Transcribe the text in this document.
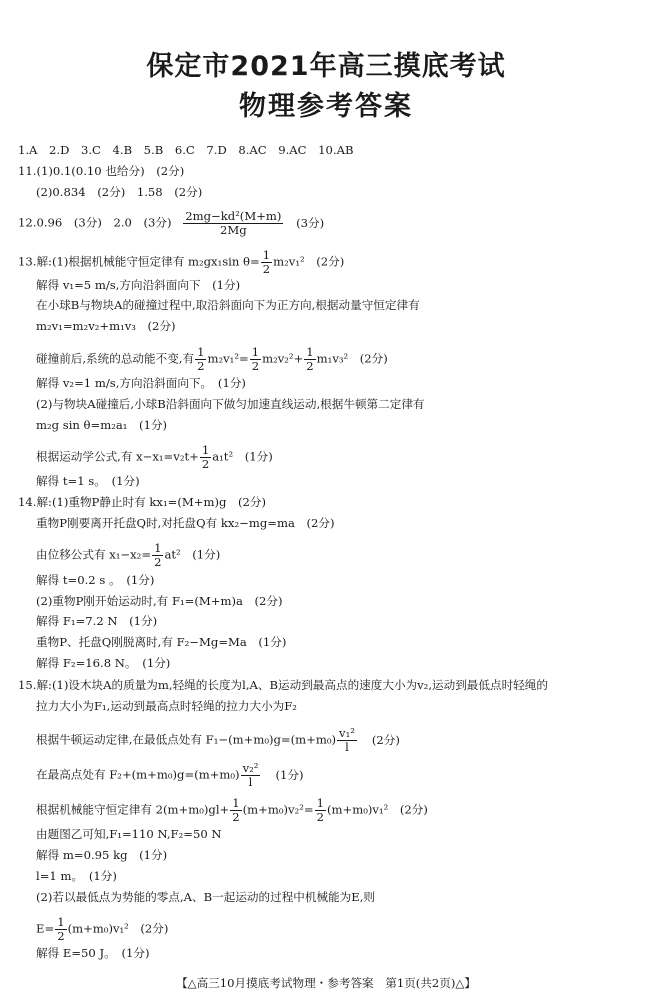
保定市2021年高三摸底考试
物理参考答案
1.A　2.D　3.C　4.B　5.B　6.C　7.D　8.AC　9.AC　10.AB
11.(1)0.1(0.10 也给分)　(2分)
(2)0.834　(2分)　1.58　(2分)
12.0.96　(3分)　2.0　(3分) $\frac{\text{2mg−kd²(M+m)}}{2Mg} (3$分)
13.解:(1)根据机械能守恒定律有 m₂gx₁sin $\theta= \frac{1}{2} m_2v_1^2$　(2分)
解得 v₁=5 m/s,方向沿斜面向下　(1分)
在小球B与物块A的碰撞过程中,取沿斜面向下为正方向,根据动量守恒定律有
m₂v₁=m₂v₂+m₁v₃　(2分)
碰撞前后,系统的总动能不变,有 $\frac{1}{2} m_2v_1^2= \frac{1}{2} m_2v_2^2+ \frac{1}{2} m_1v_3^2$　(2分)
解得 v₂=1 m/s,方向沿斜面向下。　(1分)
(2)与物块A碰撞后,小球B沿斜面向下做匀加速直线运动,根据牛顿第二定律有
m₂g sin θ=m₂a₁　(1分)
根据运动学公式,有 $x-x_1=v_2t+ \frac{1}{2} a_1t^2$　(1分)
解得 t=1 s。　(1分)
14.解:(1)重物P静止时有 kx₁=(M+m)g　(2分)
重物P刚要离开托盘Q时,对托盘Q有 kx₂−mg=ma　(2分)
由位移公式有 $x_1-x_2= \frac{1}{2} at^2$　(1分)
解得 t=0.2 s 。　(1分)
(2)重物P刚开始运动时,有 F₁=(M+m)a　(2分)
解得 F₁=7.2 N　(1分)
重物P、托盘Q刚脱离时,有 F₂−Mg=Ma　(1分)
解得 F₂=16.8 N。　(1分)
15.解:(1)设木块A的质量为m,轻绳的长度为l,A、B运动到最高点的速度大小为v₂,运动到最低点时轻绳的
拉力大小为F₁,运动到最高点时轻绳的拉力大小为F₂
根据牛顿运动定律,在最低点处有 $F_1-(m+m_0)g=(m+m_0) \frac{\text{v₁²}}{l} (2$分)
在最高点处有 $F_2+(m+m_0)g=(m+m_0) \frac{\text{v₂²}}{l} (1$分)
根据机械能守恒定律有 $2(m+m_0)gl+ \frac{1}{2} (m+m_0)v_2^2= \frac{1}{2} (m+m_0)v_1^2$　(2分)
由题图乙可知,F₁=110 N,F₂=50 N
解得 m=0.95 kg　(1分)
l=1 m。　(1分)
(2)若以最低点为势能的零点,A、B一起运动的过程中机械能为E,则
$E= \frac{1}{2} (m+m_0)v_1^2$　(2分)
解得 E=50 J。　(1分)
【△高三10月摸底考试物理・参考答案　第1页(共2页)△】
